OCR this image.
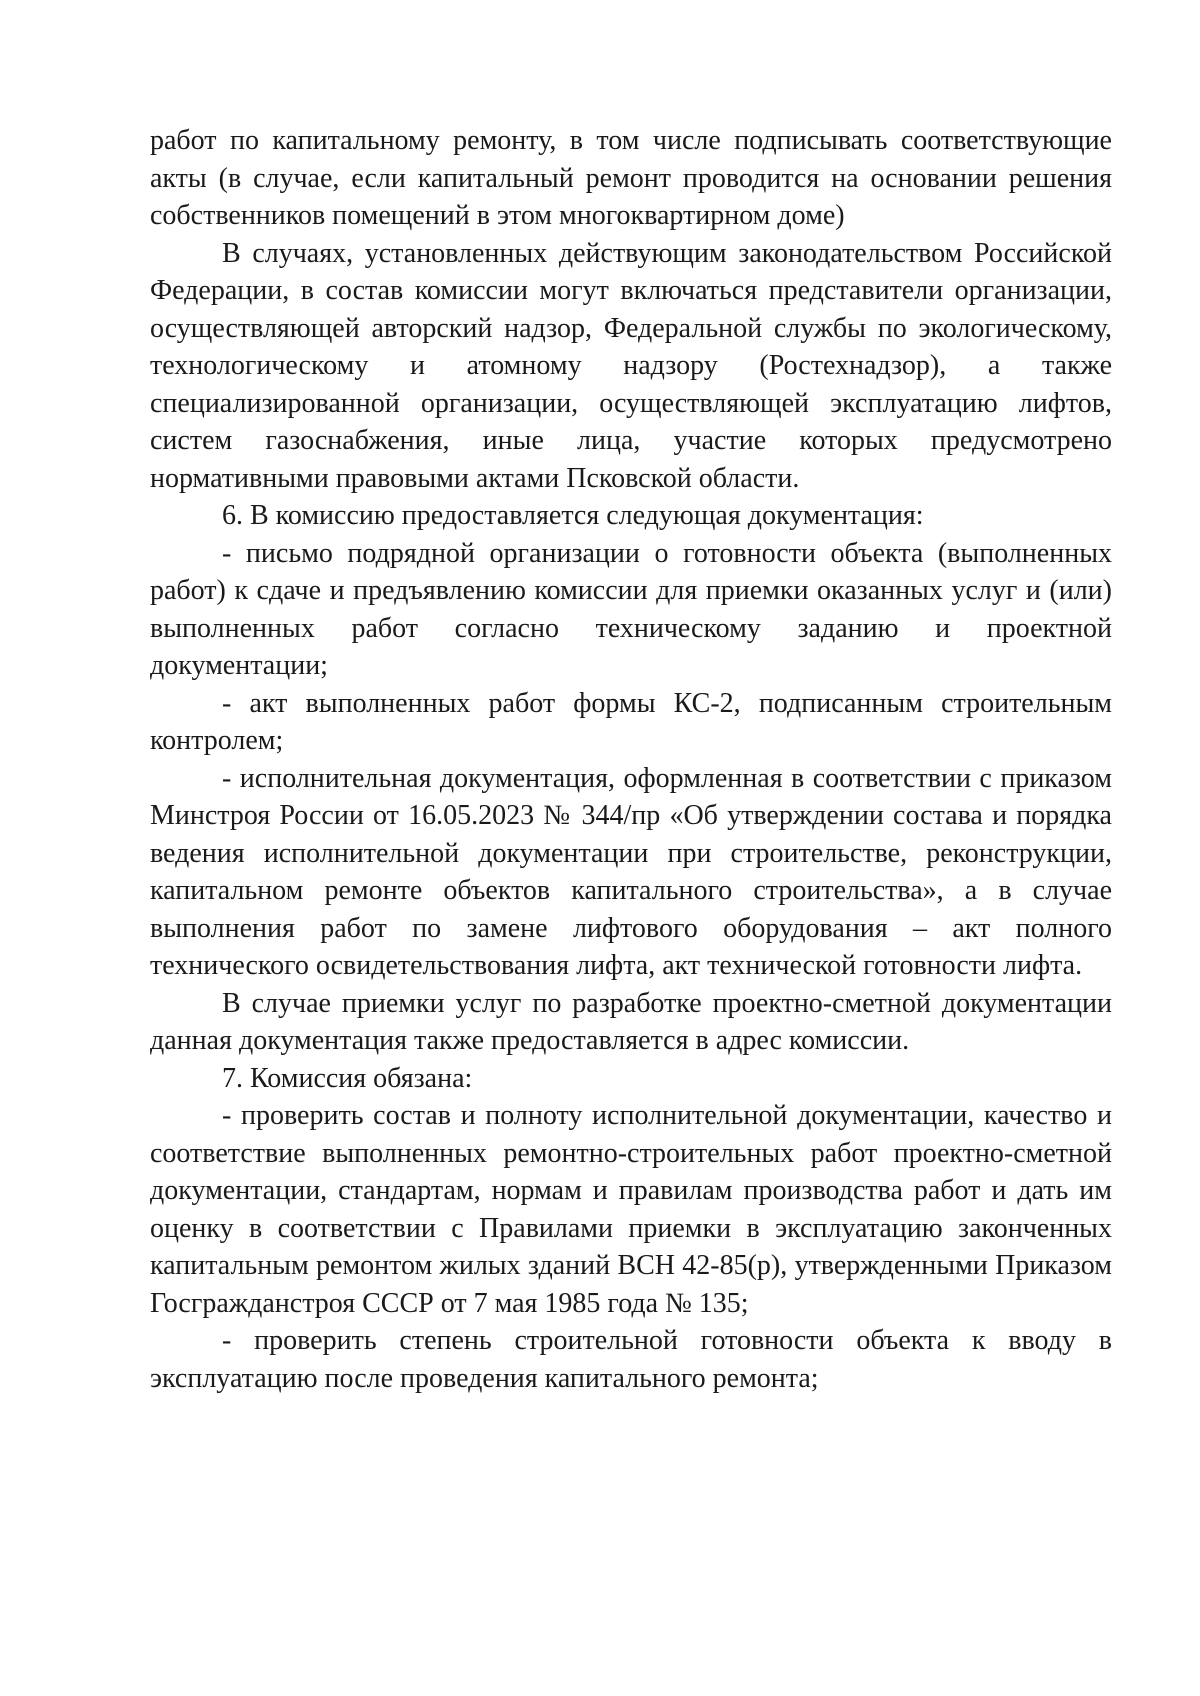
работ по капитальному ремонту, в том числе подписывать соответствующие акты (в случае, если капитальный ремонт проводится на основании решения собственников помещений в этом многоквартирном доме)

В случаях, установленных действующим законодательством Российской Федерации, в состав комиссии могут включаться представители организации, осуществляющей авторский надзор, Федеральной службы по экологическому, технологическому и атомному надзору (Ростехнадзор), а также специализированной организации, осуществляющей эксплуатацию лифтов, систем газоснабжения, иные лица, участие которых предусмотрено нормативными правовыми актами Псковской области.

6. В комиссию предоставляется следующая документация:

- письмо подрядной организации о готовности объекта (выполненных работ) к сдаче и предъявлению комиссии для приемки оказанных услуг и (или) выполненных работ согласно техническому заданию и проектной документации;

- акт выполненных работ формы КС-2, подписанным строительным контролем;

- исполнительная документация, оформленная в соответствии с приказом Минстроя России от 16.05.2023 № 344/пр «Об утверждении состава и порядка ведения исполнительной документации при строительстве, реконструкции, капитальном ремонте объектов капитального строительства», а в случае выполнения работ по замене лифтового оборудования – акт полного технического освидетельствования лифта, акт технической готовности лифта.

В случае приемки услуг по разработке проектно-сметной документации данная документация также предоставляется в адрес комиссии.

7. Комиссия обязана:

- проверить состав и полноту исполнительной документации, качество и соответствие выполненных ремонтно-строительных работ проектно-сметной документации, стандартам, нормам и правилам производства работ и дать им оценку в соответствии с Правилами приемки в эксплуатацию законченных капитальным ремонтом жилых зданий ВСН 42-85(р), утвержденными Приказом Госгражданстроя СССР от 7 мая 1985 года № 135;

- проверить степень строительной готовности объекта к вводу в эксплуатацию после проведения капитального ремонта;
